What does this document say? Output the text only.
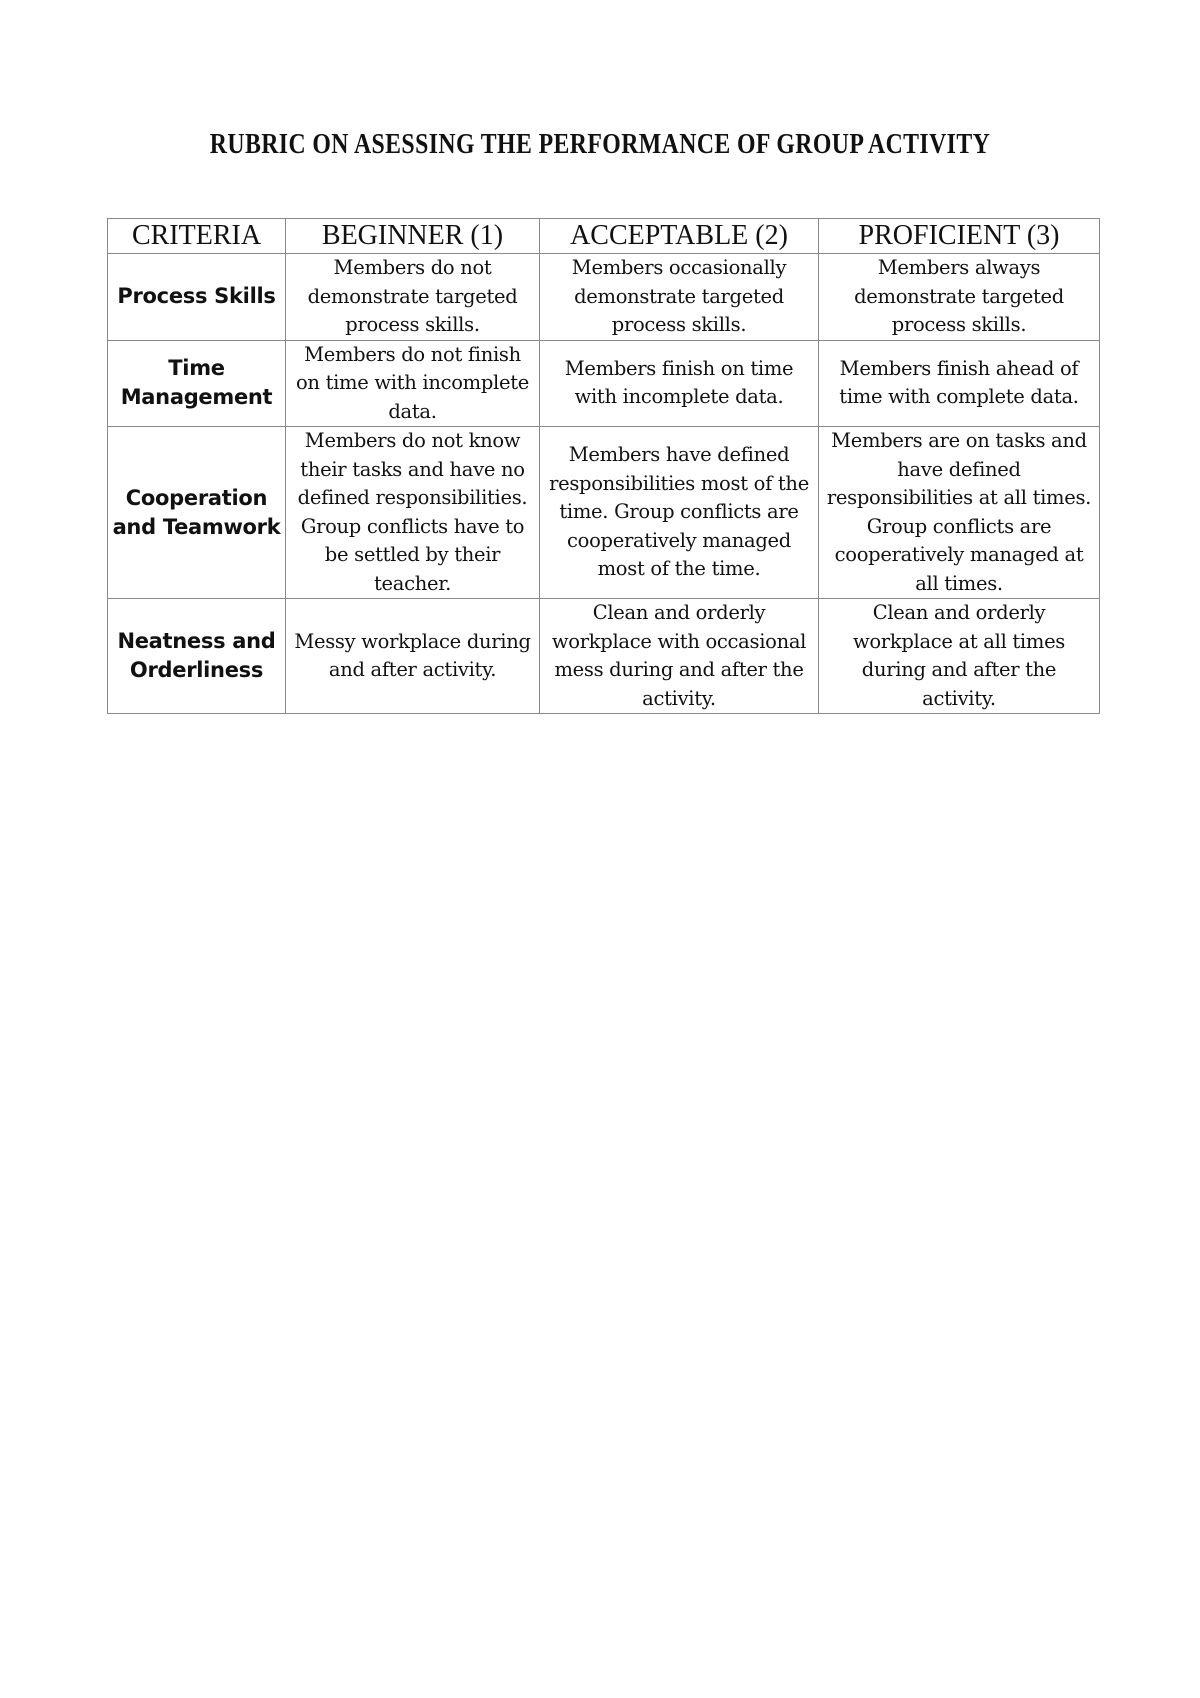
RUBRIC ON ASESSING THE PERFORMANCE OF GROUP ACTIVITY
CRITERIA	BEGINNER (1)	ACCEPTABLE (2)	PROFICIENT (3)
Process Skills	Members do not demonstrate targeted process skills.	Members occasionally demonstrate targeted process skills.	Members always demonstrate targeted process skills.
Time Management	Members do not finish on time with incomplete data.	Members finish on time with incomplete data.	Members finish ahead of time with complete data.
Cooperation and Teamwork	Members do not know their tasks and have no defined responsibilities. Group conflicts have to be settled by their teacher.	Members have defined responsibilities most of the time. Group conflicts are cooperatively managed most of the time.	Members are on tasks and have defined responsibilities at all times. Group conflicts are cooperatively managed at all times.
Neatness and Orderliness	Messy workplace during and after activity.	Clean and orderly workplace with occasional mess during and after the activity.	Clean and orderly workplace at all times during and after the activity.
